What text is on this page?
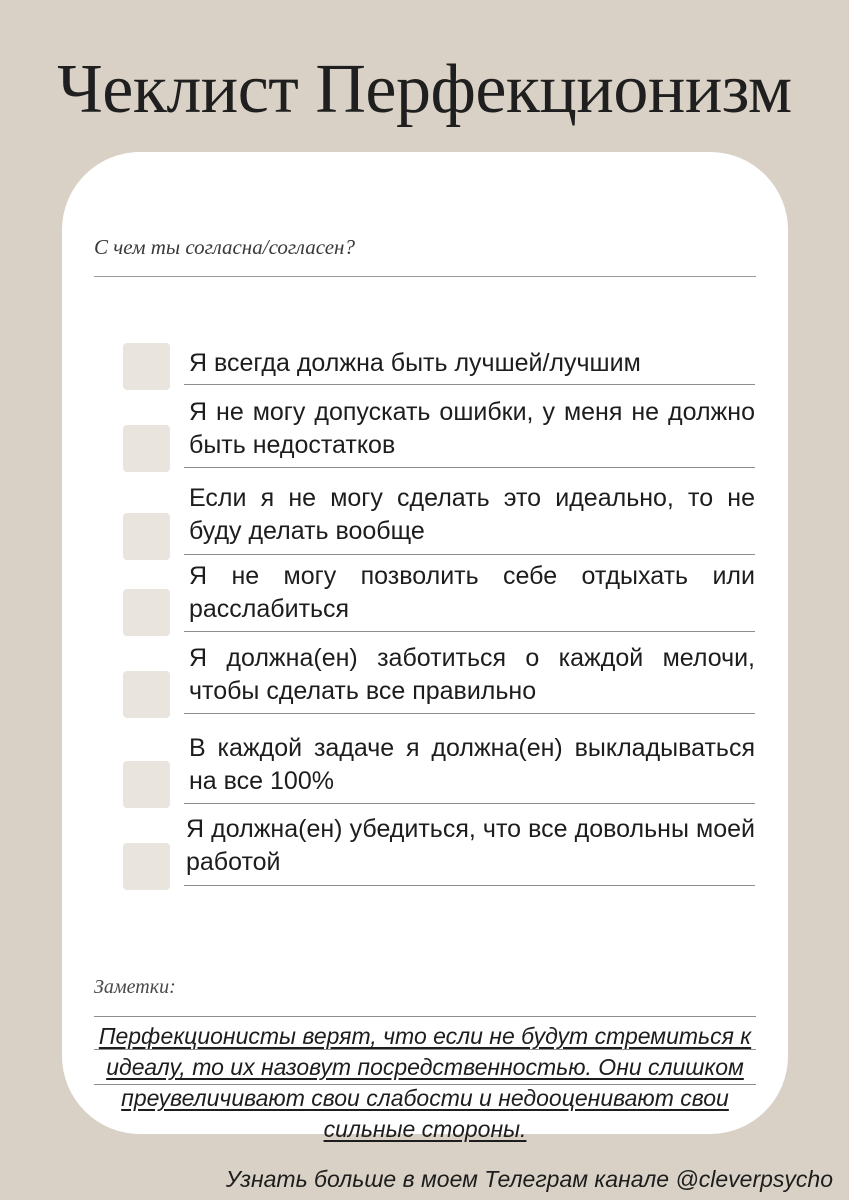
Чеклист Перфекционизм
С чем ты согласна/согласен?
Я всегда должна быть лучшей/лучшим
Я не могу допускать ошибки, у меня не должно быть недостатков
Если я не могу сделать это идеально, то не буду делать вообще
Я не могу позволить себе отдыхать или расслабиться
Я должна(ен) заботиться о каждой мелочи, чтобы сделать все правильно
В каждой задаче я должна(ен) выкладываться на все 100%
Я должна(ен) убедиться, что все довольны моей работой
Заметки:
Перфекционисты верят, что если не будут стремиться к идеалу, то их назовут посредственностью. Они слишком преувеличивают свои слабости и недооценивают свои сильные стороны.
Узнать больше в моем Телеграм канале @cleverpsycho
